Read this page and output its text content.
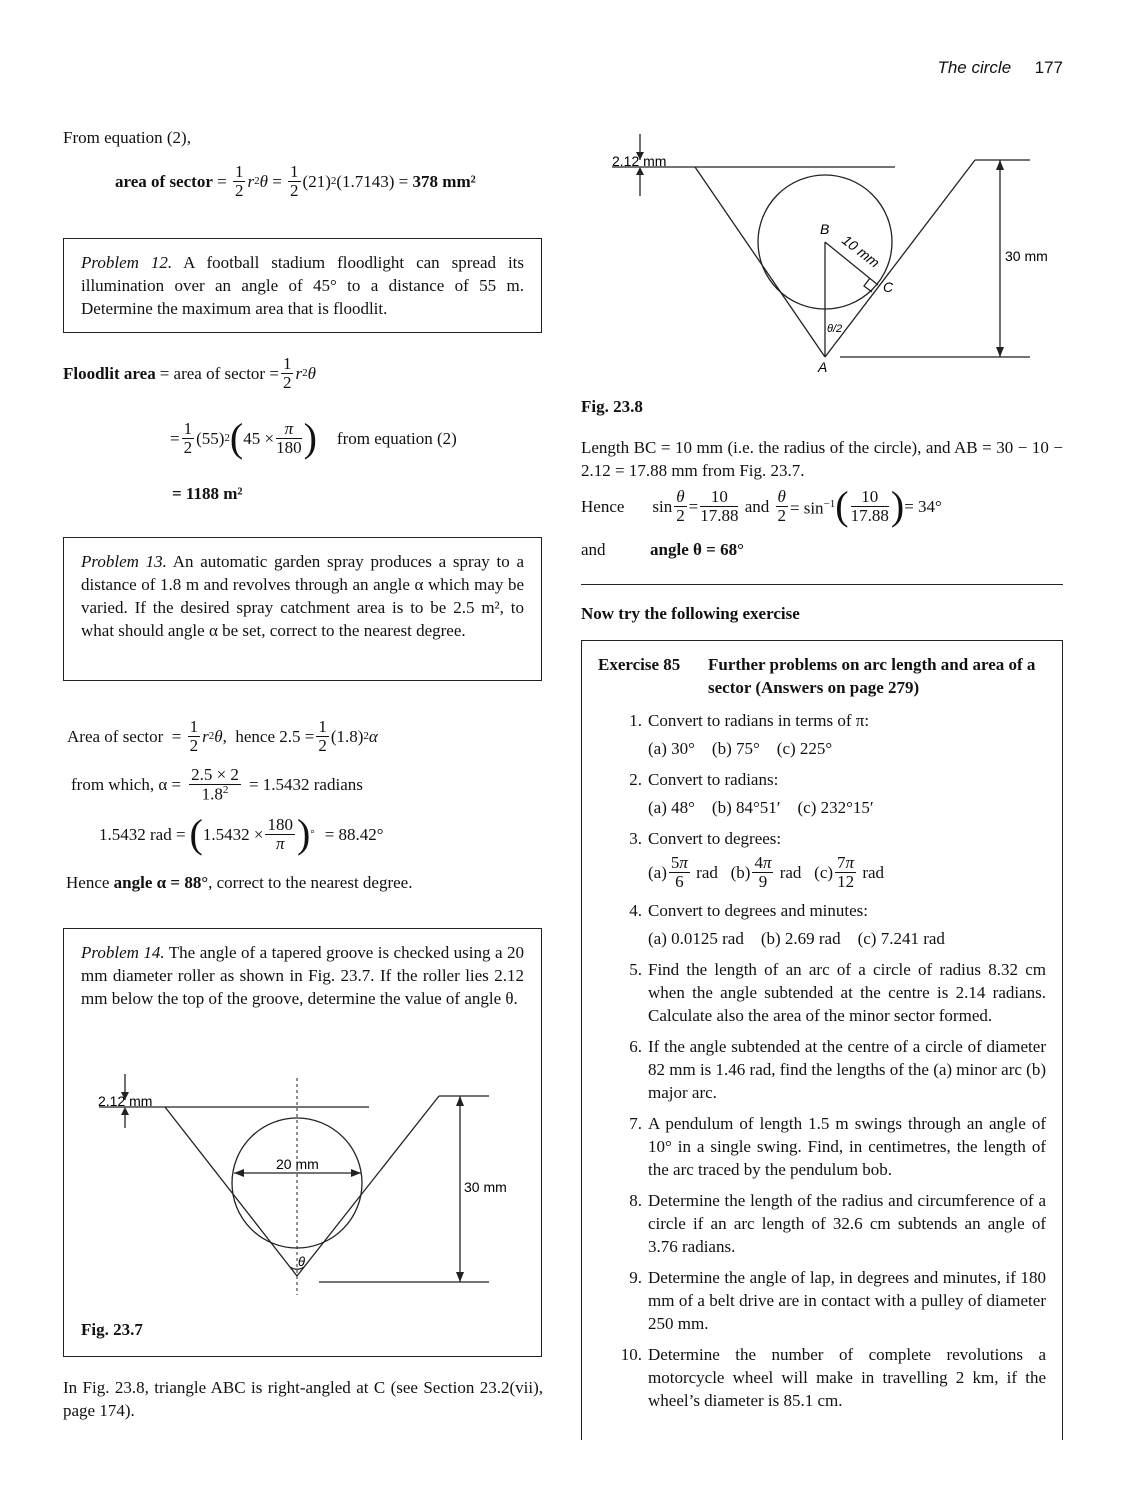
The circle 177
From equation (2),
area of sector = $\frac{1}{2}$ r 2 $\theta = \frac{1}{2} (21)$ 2 (1.7143) = 378 mm²
Problem 12. A football stadium floodlight can spread its illumination over an angle of 45° to a distance of 55 m. Determine the maximum area that is floodlit.
Floodlit area = area of sector = $\frac{1}{2}$ r 2 θ
= $\frac{1}{2} (55)$ 2 ( $45 \times \frac{\pi}{180}$ ) from equation (2)
= 1188 m²
Problem 13. An automatic garden spray produces a spray to a distance of 1.8 m and revolves through an angle α which may be varied. If the desired spray catchment area is to be 2.5 m², to what should angle α be set, correct to the nearest degree.
Area of sector = $\frac{1}{2}$ r 2 θ , hence $2.5 = \frac{1}{2} (1.8)$ 2 α
from which, $\alpha = \frac{2.5 \times 2}{1.8^2} = 1.5432$ radians
1.5432 rad = ( $1.5432 \times \frac{180}{\pi}$ ) ° = 88.42°
Hence angle α = 88°, correct to the nearest degree.
Problem 14. The angle of a tapered groove is checked using a 20 mm diameter roller as shown in Fig. 23.7. If the roller lies 2.12 mm below the top of the groove, determine the value of angle θ.
2.12 mm
20 mm
30 mm
θ
Fig. 23.7
In Fig. 23.8, triangle ABC is right-angled at C (see Section 23.2(vii), page 174).
2.12 mm
30 mm
10 mm
B
C
A
θ/2
Fig. 23.8
Length BC = 10 mm (i.e. the radius of the circle), and AB = 30 − 10 − 2.12 = 17.88 mm from Fig. 23.7.
Hence $\sin \frac{\theta}{2} = \frac{10}{17.88}$ and $\frac{\theta}{2} = \sin^{-1}$ ( $\frac{10}{17.88}$ ) = 34°
and	angle θ = 68°
Now try the following exercise
Exercise 85	Further problems on arc length and area of a sector (Answers on page 279)
1. Convert to radians in terms of π:
(a) 30°    (b) 75°    (c) 225°
2. Convert to radians:
(a) 48°    (b) 84°51′    (c) 232°15′
3. Convert to degrees:
$(a) \frac{5\pi}{6}$ rad   $(b) \frac{4\pi}{9}$ rad   $(c) \frac{7\pi}{12}$ rad
4. Convert to degrees and minutes:
(a) 0.0125 rad    (b) 2.69 rad    (c) 7.241 rad
5. Find the length of an arc of a circle of radius 8.32 cm when the angle subtended at the centre is 2.14 radians. Calculate also the area of the minor sector formed.
6. If the angle subtended at the centre of a circle of diameter 82 mm is 1.46 rad, find the lengths of the (a) minor arc (b) major arc.
7. A pendulum of length 1.5 m swings through an angle of 10° in a single swing. Find, in centimetres, the length of the arc traced by the pendulum bob.
8. Determine the length of the radius and circumference of a circle if an arc length of 32.6 cm subtends an angle of 3.76 radians.
9. Determine the angle of lap, in degrees and minutes, if 180 mm of a belt drive are in contact with a pulley of diameter 250 mm.
10. Determine the number of complete revolutions a motorcycle wheel will make in travelling 2 km, if the wheel’s diameter is 85.1 cm.
